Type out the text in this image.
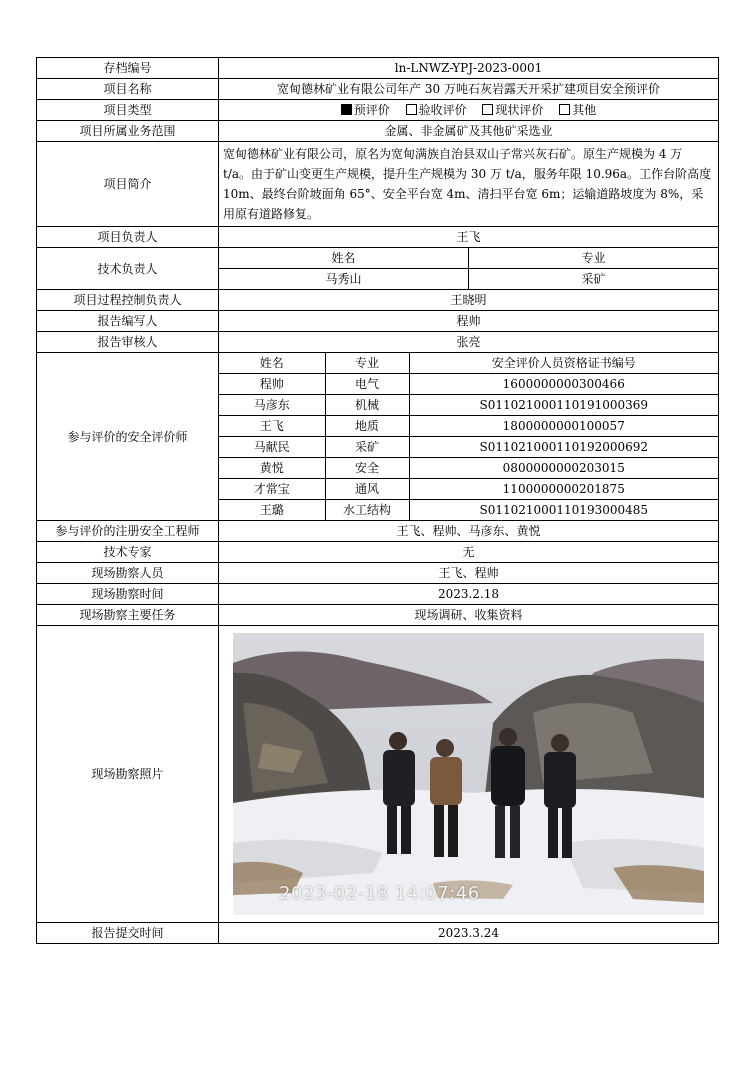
存档编号	ln-LNWZ-YPJ-2023-0001
项目名称	宽甸德林矿业有限公司年产 30 万吨石灰岩露天开采扩建项目安全预评价
项目类型	预评价 验收评价 现状评价 其他
项目所属业务范围	金属、非金属矿及其他矿采选业
项目简介	宽甸德林矿业有限公司，原名为宽甸满族自治县双山子常兴灰石矿。原生产规模为 4 万 t/a。由于矿山变更生产规模，提升生产规模为 30 万 t/a，服务年限 10.96a。工作台阶高度 10m、最终台阶坡面角 65°、安全平台宽 4m、清扫平台宽 6m；运输道路坡度为 8%，采用原有道路修复。
项目负责人	王飞
技术负责人	
姓名	专业
马秀山	采矿

项目过程控制负责人	王晓明
报告编写人	程帅
报告审核人	张亮
参与评价的安全评价师	
姓名	专业	安全评价人员资格证书编号
程帅	电气	1600000000300466
马彦东	机械	S011021000110191000369
王飞	地质	1800000000100057
马献民	采矿	S011021000110192000692
黄悦	安全	0800000000203015
才常宝	通风	1100000000201875
王璐	水工结构	S011021000110193000485

参与评价的注册安全工程师	王飞、程帅、马彦东、黄悦
技术专家	无
现场勘察人员	王飞、程帅
现场勘察时间	2023.2.18
现场勘察主要任务	现场调研、收集资料
现场勘察照片	
2023-02-18 14:07:46

报告提交时间	2023.3.24
